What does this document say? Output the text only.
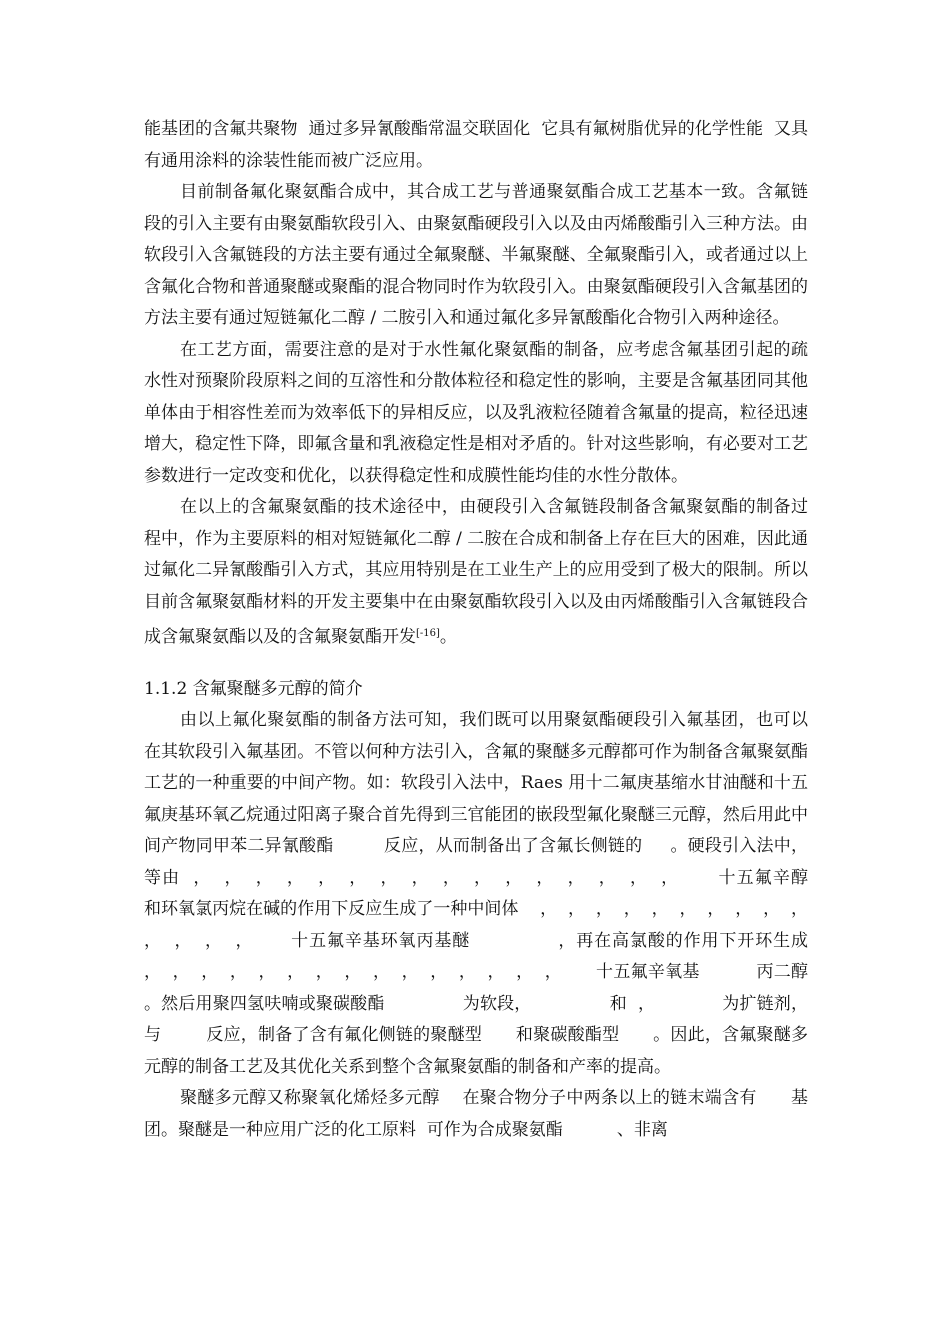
能基团的含氟共聚物  通过多异氰酸酯常温交联固化  它具有氟树脂优异的化学性能  又具有通用涂料的涂装性能而被广泛应用。

目前制备氟化聚氨酯合成中，其合成工艺与普通聚氨酯合成工艺基本一致。含氟链段的引入主要有由聚氨酯软段引入、由聚氨酯硬段引入以及由丙烯酸酯引入三种方法。由软段引入含氟链段的方法主要有通过全氟聚醚、半氟聚醚、全氟聚酯引入，或者通过以上含氟化合物和普通聚醚或聚酯的混合物同时作为软段引入。由聚氨酯硬段引入含氟基团的方法主要有通过短链氟化二醇 / 二胺引入和通过氟化多异氰酸酯化合物引入两种途径。

在工艺方面，需要注意的是对于水性氟化聚氨酯的制备，应考虑含氟基团引起的疏水性对预聚阶段原料之间的互溶性和分散体粒径和稳定性的影响，主要是含氟基团同其他单体由于相容性差而为效率低下的异相反应，以及乳液粒径随着含氟量的提高，粒径迅速增大，稳定性下降，即氟含量和乳液稳定性是相对矛盾的。针对这些影响，有必要对工艺参数进行一定改变和优化，以获得稳定性和成膜性能均佳的水性分散体。

在以上的含氟聚氨酯的技术途径中，由硬段引入含氟链段制备含氟聚氨酯的制备过程中，作为主要原料的相对短链氟化二醇 / 二胺在合成和制备上存在巨大的困难，因此通过氟化二异氰酸酯引入方式，其应用特别是在工业生产上的应用受到了极大的限制。所以目前含氟聚氨酯材料的开发主要集中在由聚氨酯软段引入以及由丙烯酸酯引入含氟链段合成含氟聚氨酯以及的含氟聚氨酯开发[-16]。

1.1.2 含氟聚醚多元醇的简介

由以上氟化聚氨酯的制备方法可知，我们既可以用聚氨酯硬段引入氟基团，也可以在其软段引入氟基团。不管以何种方法引入，含氟的聚醚多元醇都可作为制备含氟聚氨酯工艺的一种重要的中间产物。如：软段引入法中，Raes 用十二氟庚基缩水甘油醚和十五氟庚基环氧乙烷通过阳离子聚合首先得到三官能团的嵌段型氟化聚醚三元醇，然后用此中间产物同甲苯二异氰酸酯         反应，从而制备出了含氟长侧链的     。硬段引入法中，                等由  ，  ，  ，  ，  ，  ，  ，  ，  ，  ，  ，  ，  ，  ，  ，  ，      十五氟辛醇              和环氧氯丙烷在碱的作用下反应生成了一种中间体    ，  ，  ，  ，  ，  ，  ，  ，  ，  ，  ，  ，  ，  ，      十五氟辛基环氧丙基醚              ，再在高氯酸的作用下开环生成        ，  ，  ，  ，  ，  ，  ，  ，  ，  ，  ，  ，  ，  ，  ，      十五氟辛氧基          丙二醇              。然后用聚四氢呋喃或聚碳酸酯              为软段，              和  ，            为扩链剂，与        反应，制备了含有氟化侧链的聚醚型      和聚碳酸酯型      。因此，含氟聚醚多元醇的制备工艺及其优化关系到整个含氟聚氨酯的制备和产率的提高。

聚醚多元醇又称聚氧化烯烃多元醇    在聚合物分子中两条以上的链末端含有      基团。聚醚是一种应用广泛的化工原料  可作为合成聚氨酯          、非离
